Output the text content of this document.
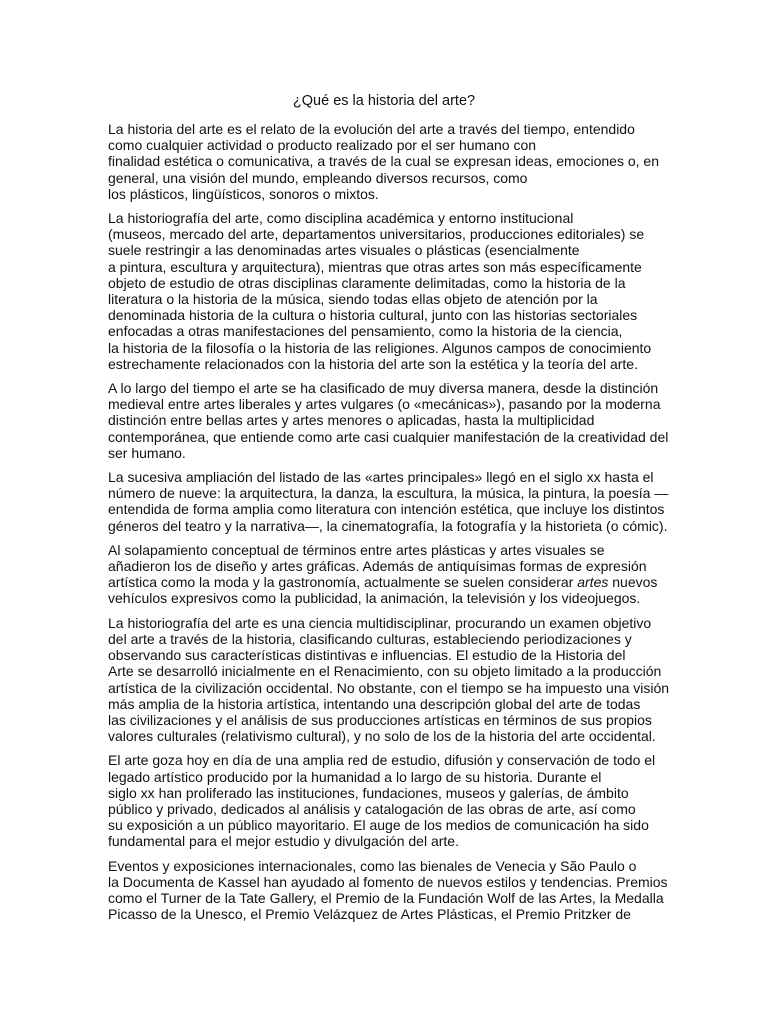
¿Qué es la historia del arte?
La historia del arte es el relato de la evolución del arte a través del tiempo, entendido
como cualquier actividad o producto realizado por el ser humano con
finalidad estética o comunicativa, a través de la cual se expresan ideas, emociones o, en
general, una visión del mundo, empleando diversos recursos, como
los plásticos, lingüísticos, sonoros o mixtos.
La historiografía del arte, como disciplina académica y entorno institucional
(museos, mercado del arte, departamentos universitarios, producciones editoriales) se
suele restringir a las denominadas artes visuales o plásticas (esencialmente
a pintura, escultura y arquitectura), mientras que otras artes son más específicamente
objeto de estudio de otras disciplinas claramente delimitadas, como la historia de la
literatura o la historia de la música, siendo todas ellas objeto de atención por la
denominada historia de la cultura o historia cultural, junto con las historias sectoriales
enfocadas a otras manifestaciones del pensamiento, como la historia de la ciencia,
la historia de la filosofía o la historia de las religiones. Algunos campos de conocimiento
estrechamente relacionados con la historia del arte son la estética y la teoría del arte.
A lo largo del tiempo el arte se ha clasificado de muy diversa manera, desde la distinción
medieval entre artes liberales y artes vulgares (o «mecánicas»), pasando por la moderna
distinción entre bellas artes y artes menores o aplicadas, hasta la multiplicidad
contemporánea, que entiende como arte casi cualquier manifestación de la creatividad del
ser humano.
La sucesiva ampliación del listado de las «artes principales» llegó en el siglo xx hasta el
número de nueve: la arquitectura, la danza, la escultura, la música, la pintura, la poesía —
entendida de forma amplia como literatura con intención estética, que incluye los distintos
géneros del teatro y la narrativa—, la cinematografía, la fotografía y la historieta (o cómic).
Al solapamiento conceptual de términos entre artes plásticas y artes visuales se
añadieron los de diseño y artes gráficas. Además de antiquísimas formas de expresión
artística como la moda y la gastronomía, actualmente se suelen considerar artes nuevos
vehículos expresivos como la publicidad, la animación, la televisión y los videojuegos.
La historiografía del arte es una ciencia multidisciplinar, procurando un examen objetivo
del arte a través de la historia, clasificando culturas, estableciendo periodizaciones y
observando sus características distintivas e influencias. El estudio de la Historia del
Arte se desarrolló inicialmente en el Renacimiento, con su objeto limitado a la producción
artística de la civilización occidental. No obstante, con el tiempo se ha impuesto una visión
más amplia de la historia artística, intentando una descripción global del arte de todas
las civilizaciones y el análisis de sus producciones artísticas en términos de sus propios
valores culturales (relativismo cultural), y no solo de los de la historia del arte occidental.
El arte goza hoy en día de una amplia red de estudio, difusión y conservación de todo el
legado artístico producido por la humanidad a lo largo de su historia. Durante el
siglo xx han proliferado las instituciones, fundaciones, museos y galerías, de ámbito
público y privado, dedicados al análisis y catalogación de las obras de arte, así como
su exposición a un público mayoritario. El auge de los medios de comunicación ha sido
fundamental para el mejor estudio y divulgación del arte.
Eventos y exposiciones internacionales, como las bienales de Venecia y São Paulo o
la Documenta de Kassel han ayudado al fomento de nuevos estilos y tendencias. Premios
como el Turner de la Tate Gallery, el Premio de la Fundación Wolf de las Artes, la Medalla
Picasso de la Unesco, el Premio Velázquez de Artes Plásticas, el Premio Pritzker de
